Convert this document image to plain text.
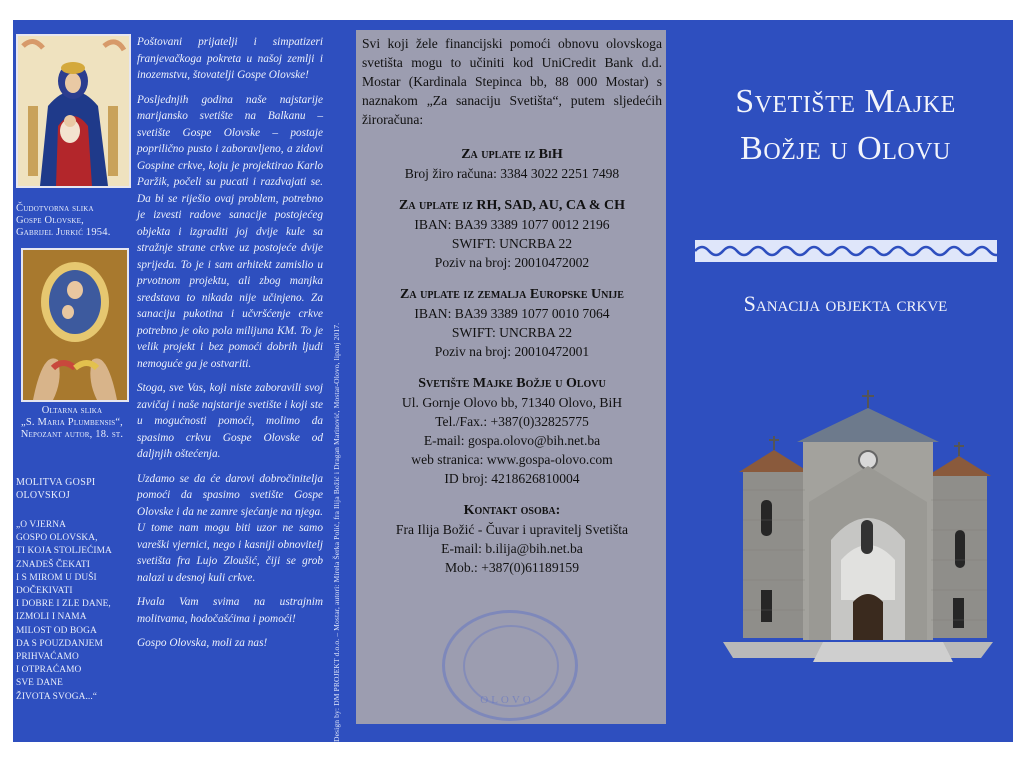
Čudotvorna slika
Gospe Olovske,
Gabrijel Jurkić 1954.
Oltarna slika
„S. Maria Plumbensis“,
Nepozant autor, 18. st.
MOLITVA GOSPI
OLOVSKOJ
„O VJERNA
GOSPO OLOVSKA,
TI KOJA STOLJEĆIMA
ZNADEŠ ČEKATI
I S MIROM U DUŠI
DOČEKIVATI
I DOBRE I ZLE DANE,
IZMOLI I NAMA
MILOST OD BOGA
DA S POUZDANJEM
PRIHVAĆAMO
I OTPRAĆAMO
SVE DANE
ŽIVOTA SVOGA...“

Poštovani prijatelji i simpatizeri franjevačkoga pokreta u našoj zemlji i inozemstvu, štovatelji Gospe Olovske!

Posljednjih godina naše najstarije marijansko svetište na Balkanu – svetište Gospe Olovske – postaje poprilično pusto i zaboravljeno, a zidovi Gospine crkve, koju je projektirao Karlo Paržik, počeli su pucati i razdvajati se. Da bi se riješio ovaj problem, potrebno je izvesti radove sanacije postojećeg objekta i izgraditi joj dvije kule sa stražnje strane crkve uz postojeće dvije sprijeda. To je i sam arhitekt zamislio u prvotnom projektu, ali zbog manjka sredstava to nikada nije učinjeno. Za sanaciju pukotina i učvršćenje crkve potrebno je oko pola milijuna KM. To je velik projekt i bez pomoći dobrih ljudi nemoguće ga je ostvariti.

Stoga, sve Vas, koji niste zaboravili svoj zavičaj i naše najstarije svetište i koji ste u mogućnosti pomoći, molimo da spasimo crkvu Gospe Olovske od daljnjih oštećenja.

Uzdamo se da će darovi dobročinitelja pomoći da spasimo svetište Gospe Olovske i da ne zamre sjećanje na njega. U tome nam mogu biti uzor ne samo vareški vjernici, nego i kasniji obnovitelj svetišta fra Lujo Zloušić, čiji se grob nalazi u desnoj kuli crkve.

Hvala Vam svima na ustrajnim molitvama, hodočašćima i pomoći!

Gospo Olovska, moli za nas!	Design by: DM PROJEKT d.o.o. – Mostar, autori: Mirela Šerka Polić, fra Ilija Božić i Dragan Marinović, Mostar-Olovo, lipanj 2017.	OLOVO

Svi koji žele financijski pomoći obnovu olovskoga svetišta mogu to učiniti kod UniCredit Bank d.d. Mostar (Kardinala Stepinca bb, 88 000 Mostar) s naznakom „Za sanaciju Svetišta“, putem sljedećih žiroračuna:

Za uplate iz BiH

Broj žiro računa: 3384 3022 2251 7498

Za uplate iz RH, SAD, AU, CA & CH

IBAN: BA39 3389 1077 0012 2196

SWIFT: UNCRBA 22

Poziv na broj: 20010472002

Za uplate iz zemalja Europske Unije

IBAN: BA39 3389 1077 0010 7064

SWIFT: UNCRBA 22

Poziv na broj: 20010472001

Svetište Majke Božje u Olovu

Ul. Gornje Olovo bb, 71340 Olovo, BiH

Tel./Fax.: +387(0)32825775

E-mail: gospa.olovo@bih.net.ba

web stranica: www.gospa-olovo.com

ID broj: 4218626810004

Kontakt osoba:

Fra Ilija Božić - Čuvar i upravitelj Svetišta

E-mail: b.ilija@bih.net.ba

Mob.: +387(0)61189159

Svetište Majke
Božje u Olovu
Sanacija objekta crkve
